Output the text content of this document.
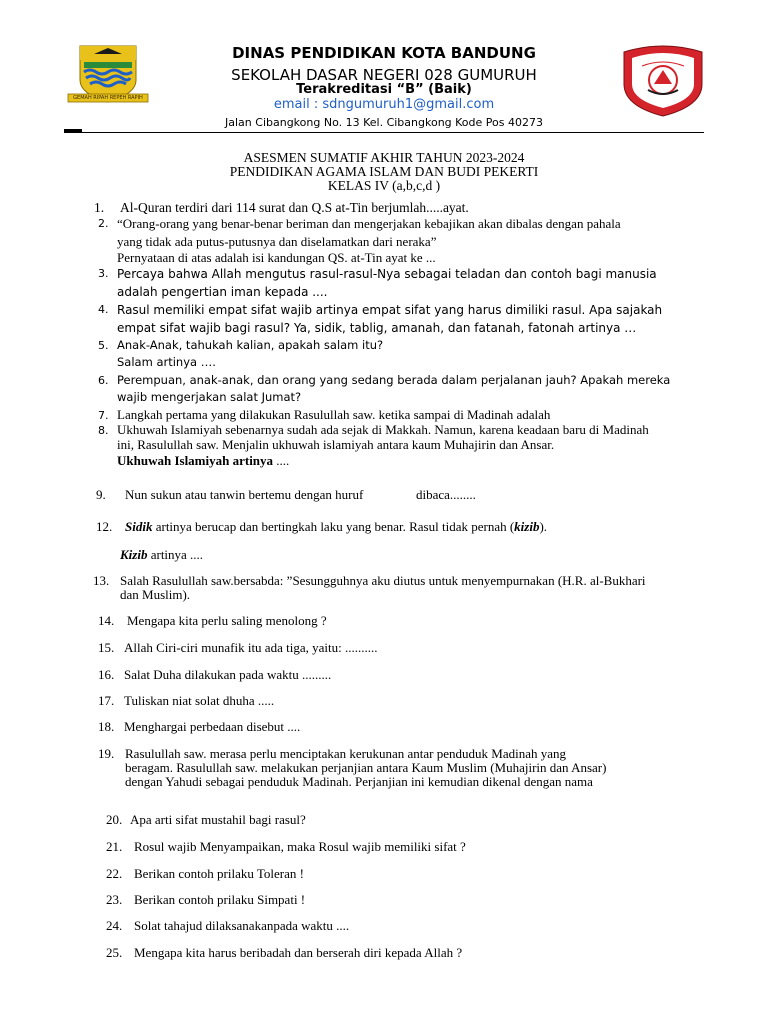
GEMAH RIPAH REPEH RAPIH
DINAS PENDIDIKAN KOTA BANDUNG
SEKOLAH DASAR NEGERI 028 GUMURUH
Terakreditasi “B” (Baik)
email : sdngumuruh1@gmail.com
Jalan Cibangkong No. 13 Kel. Cibangkong Kode Pos 40273
ASESMEN SUMATIF AKHIR TAHUN 2023-2024
PENDIDIKAN AGAMA ISLAM DAN BUDI PEKERTI
KELAS IV (a,b,c,d )
1. Al-Quran terdiri dari 114 surat dan Q.S at-Tin berjumlah.....ayat.
2. “Orang-orang yang benar-benar beriman dan mengerjakan kebajikan akan dibalas dengan pahala
yang tidak ada putus-putusnya dan diselamatkan dari neraka”
Pernyataan di atas adalah isi kandungan QS. at-Tin ayat ke ...
3. Percaya bahwa Allah mengutus rasul-rasul-Nya sebagai teladan dan contoh bagi manusia
adalah pengertian iman kepada ....
4. Rasul memiliki empat sifat wajib artinya empat sifat yang harus dimiliki rasul. Apa sajakah
empat sifat wajib bagi rasul? Ya, sidik, tablig, amanah, dan fatanah, fatonah artinya …
5. Anak-Anak, tahukah kalian, apakah salam itu?
Salam artinya ….
6. Perempuan, anak-anak, dan orang yang sedang berada dalam perjalanan jauh? Apakah mereka
wajib mengerjakan salat Jumat?
7. Langkah pertama yang dilakukan Rasulullah saw. ketika sampai di Madinah adalah
8. Ukhuwah Islamiyah sebenarnya sudah ada sejak di Makkah. Namun, karena keadaan baru di Madinah
ini, Rasulullah saw. Menjalin ukhuwah islamiyah antara kaum Muhajirin dan Ansar.
Ukhuwah Islamiyah artinya ....
9. Nun sukun atau tanwin bertemu dengan huruf	dibaca........
12. Sidik artinya berucap dan bertingkah laku yang benar. Rasul tidak pernah (kizib).
Kizib artinya ....
13. Salah Rasulullah saw.bersabda: ”Sesungguhnya aku diutus untuk menyempurnakan (H.R. al-Bukhari
dan Muslim).
14. Mengapa kita perlu saling menolong ?
15. Allah Ciri-ciri munafik itu ada tiga, yaitu: ..........
16. Salat Duha dilakukan pada waktu .........
17. Tuliskan niat solat dhuha .....
18. Menghargai perbedaan disebut ....
19. Rasulullah saw. merasa perlu menciptakan kerukunan antar penduduk Madinah yang
beragam. Rasulullah saw. melakukan perjanjian antara Kaum Muslim (Muhajirin dan Ansar)
dengan Yahudi sebagai penduduk Madinah. Perjanjian ini kemudian dikenal dengan nama
20. Apa arti sifat mustahil bagi rasul?
21. Rosul wajib Menyampaikan, maka Rosul wajib memiliki sifat ?
22. Berikan contoh prilaku Toleran !
23. Berikan contoh prilaku Simpati !
24. Solat tahajud dilaksanakanpada waktu ....
25. Mengapa kita harus beribadah dan berserah diri kepada Allah ?
